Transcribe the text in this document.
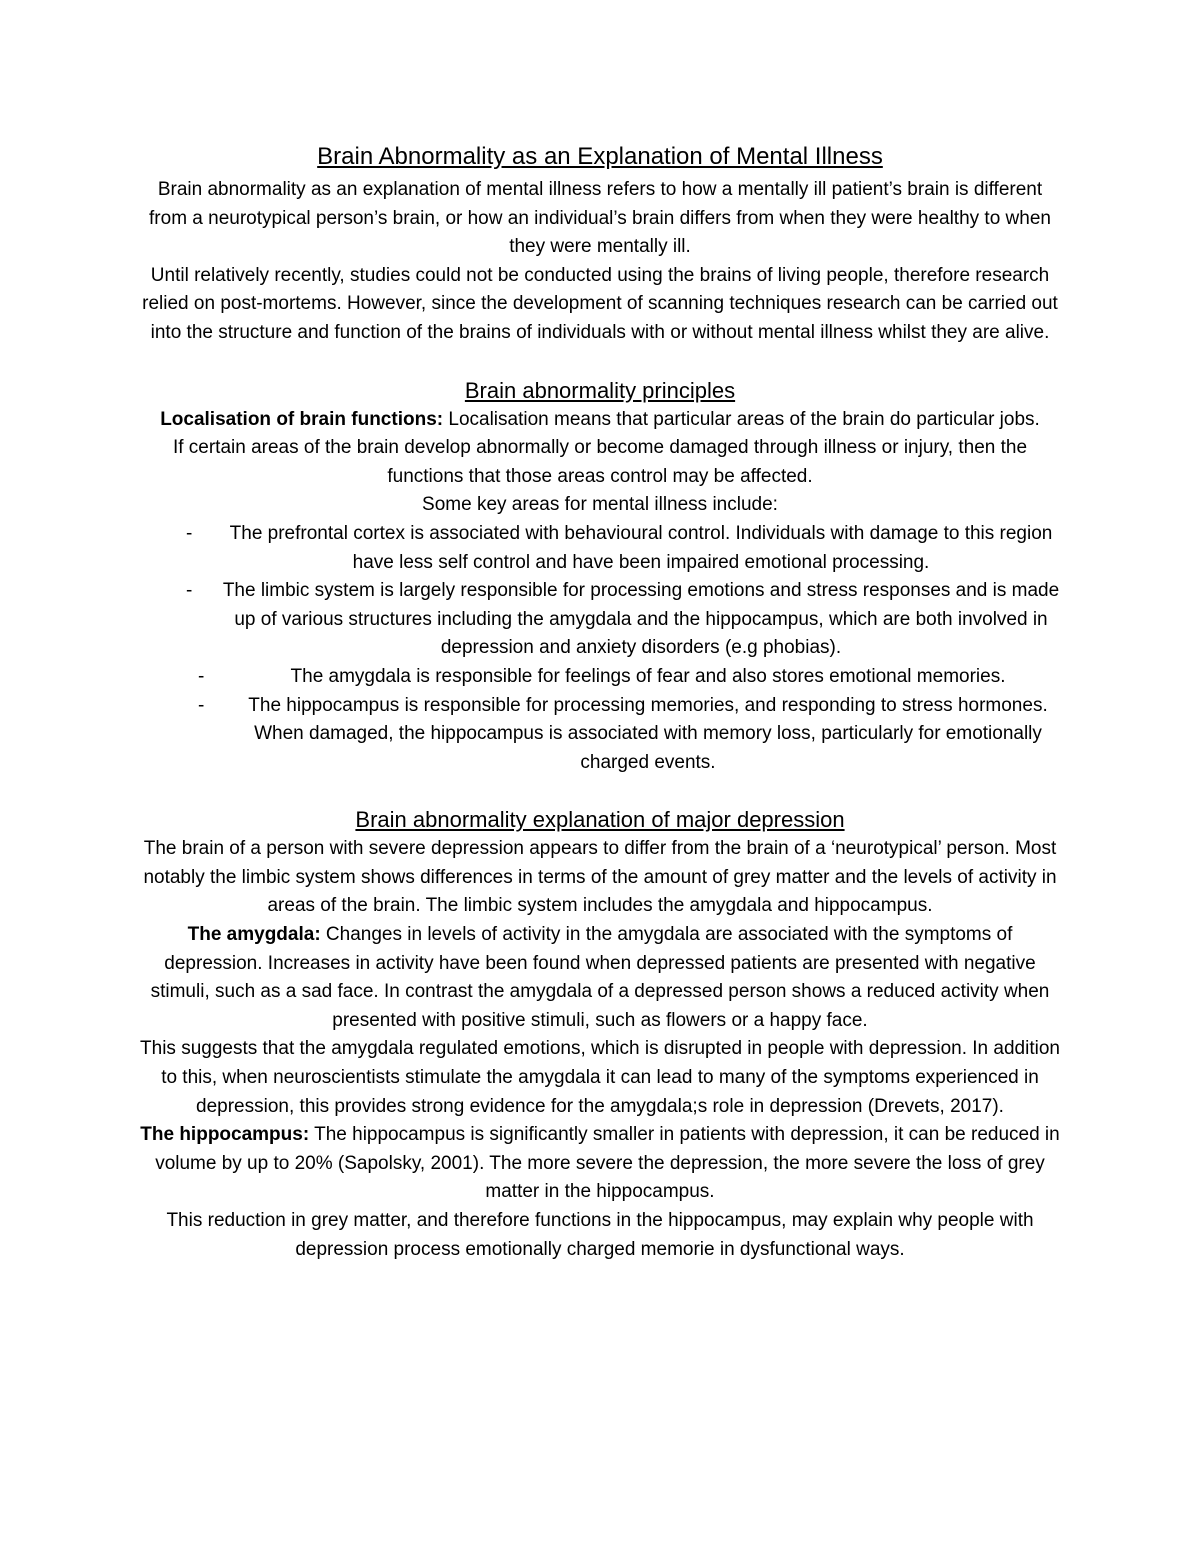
Brain Abnormality as an Explanation of Mental Illness

Brain abnormality as an explanation of mental illness refers to how a mentally ill patient’s brain is different from a neurotypical person’s brain, or how an individual’s brain differs from when they were healthy to when they were mentally ill.

Until relatively recently, studies could not be conducted using the brains of living people, therefore research relied on post-mortems. However, since the development of scanning techniques research can be carried out into the structure and function of the brains of individuals with or without mental illness whilst they are alive.

Brain abnormality principles

Localisation of brain functions: Localisation means that particular areas of the brain do particular jobs.

If certain areas of the brain develop abnormally or become damaged through illness or injury, then the functions that those areas control may be affected.

Some key areas for mental illness include:

- The prefrontal cortex is associated with behavioural control. Individuals with damage to this region have less self control and have been impaired emotional processing.
- The limbic system is largely responsible for processing emotions and stress responses and is made up of various structures including the amygdala and the hippocampus, which are both involved in depression and anxiety disorders (e.g phobias).
-	The amygdala is responsible for feelings of fear and also stores emotional memories.
- The hippocampus is responsible for processing memories, and responding to stress hormones. When damaged, the hippocampus is associated with memory loss, particularly for emotionally charged events.
Brain abnormality explanation of major depression

The brain of a person with severe depression appears to differ from the brain of a ‘neurotypical’ person. Most notably the limbic system shows differences in terms of the amount of grey matter and the levels of activity in areas of the brain. The limbic system includes the amygdala and hippocampus.

The amygdala: Changes in levels of activity in the amygdala are associated with the symptoms of depression. Increases in activity have been found when depressed patients are presented with negative stimuli, such as a sad face. In contrast the amygdala of a depressed person shows a reduced activity when presented with positive stimuli, such as flowers or a happy face.

This suggests that the amygdala regulated emotions, which is disrupted in people with depression. In addition to this, when neuroscientists stimulate the amygdala it can lead to many of the symptoms experienced in depression, this provides strong evidence for the amygdala;s role in depression (Drevets, 2017).

The hippocampus: The hippocampus is significantly smaller in patients with depression, it can be reduced in volume by up to 20% (Sapolsky, 2001). The more severe the depression, the more severe the loss of grey matter in the hippocampus.

This reduction in grey matter, and therefore functions in the hippocampus, may explain why people with depression process emotionally charged memorie in dysfunctional ways.
